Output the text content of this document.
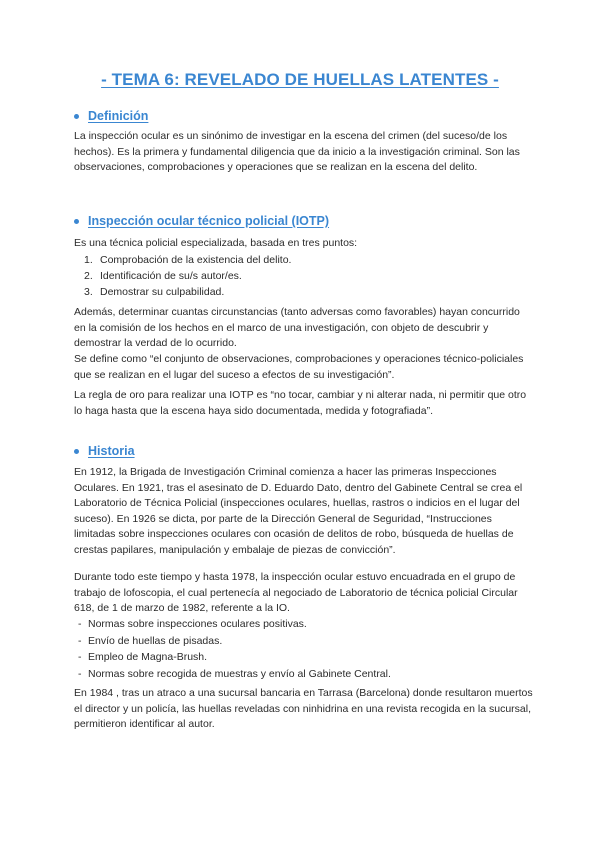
- TEMA 6: REVELADO DE HUELLAS LATENTES -
Definición

La inspección ocular es un sinónimo de investigar en la escena del crimen (del suceso/de los hechos). Es la primera y fundamental diligencia que da inicio a la investigación criminal. Son las observaciones, comprobaciones y operaciones que se realizan en la escena del delito.

Inspección ocular técnico policial (IOTP)

Es una técnica policial especializada, basada en tres puntos:

1. Comprobación de la existencia del delito.
2. Identificación de su/s autor/es.
3. Demostrar su culpabilidad.

Además, determinar cuantas circunstancias (tanto adversas como favorables) hayan concurrido en la comisión de los hechos en el marco de una investigación, con objeto de descubrir y demostrar la verdad de lo ocurrido.

Se define como “el conjunto de observaciones, comprobaciones y operaciones técnico-policiales que se realizan en el lugar del suceso a efectos de su investigación”.

La regla de oro para realizar una IOTP es “no tocar, cambiar y ni alterar nada, ni permitir que otro lo haga hasta que la escena haya sido documentada, medida y fotografiada”.

Historia

En 1912, la Brigada de Investigación Criminal comienza a hacer las primeras Inspecciones Oculares. En 1921, tras el asesinato de D. Eduardo Dato, dentro del Gabinete Central se crea el Laboratorio de Técnica Policial (inspecciones oculares, huellas, rastros o indicios en el lugar del suceso). En 1926 se dicta, por parte de la Dirección General de Seguridad, “Instrucciones limitadas sobre inspecciones oculares con ocasión de delitos de robo, búsqueda de huellas de crestas papilares, manipulación y embalaje de piezas de convicción”.

Durante todo este tiempo y hasta 1978, la inspección ocular estuvo encuadrada en el grupo de trabajo de lofoscopia, el cual pertenecía al negociado de Laboratorio de técnica policial Circular 618, de 1 de marzo de 1982, referente a la IO.

- Normas sobre inspecciones oculares positivas.
- Envío de huellas de pisadas.
- Empleo de Magna-Brush.
- Normas sobre recogida de muestras y envío al Gabinete Central.

En 1984 , tras un atraco a una sucursal bancaria en Tarrasa (Barcelona) donde resultaron muertos el director y un policía, las huellas reveladas con ninhidrina en una revista recogida en la sucursal, permitieron identificar al autor.
